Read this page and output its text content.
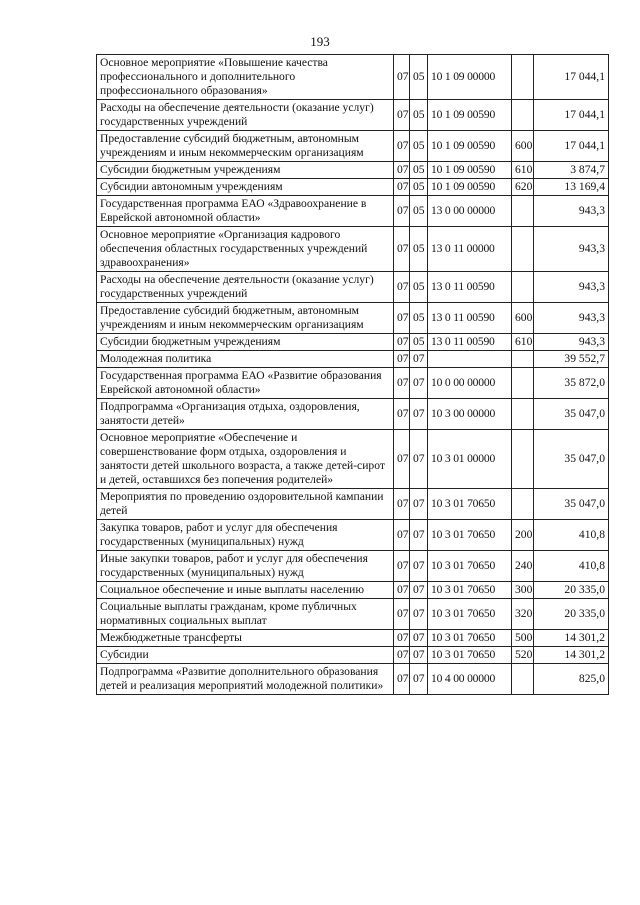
193
Основное мероприятие «Повышение качества профессионального и дополнительного профессионального образования»	07	05	10 1 09 00000		17 044,1
Расходы на обеспечение деятельности (оказание услуг) государственных учреждений	07	05	10 1 09 00590		17 044,1
Предоставление субсидий бюджетным, автономным учреждениям и иным некоммерческим организациям	07	05	10 1 09 00590	600	17 044,1
Субсидии бюджетным учреждениям	07	05	10 1 09 00590	610	3 874,7
Субсидии автономным учреждениям	07	05	10 1 09 00590	620	13 169,4
Государственная программа ЕАО «Здравоохранение в Еврейской автономной области»	07	05	13 0 00 00000		943,3
Основное мероприятие «Организация кадрового обеспечения областных государственных учреждений здравоохранения»	07	05	13 0 11 00000		943,3
Расходы на обеспечение деятельности (оказание услуг) государственных учреждений	07	05	13 0 11 00590		943,3
Предоставление субсидий бюджетным, автономным учреждениям и иным некоммерческим организациям	07	05	13 0 11 00590	600	943,3
Субсидии бюджетным учреждениям	07	05	13 0 11 00590	610	943,3
Молодежная политика	07	07			39 552,7
Государственная программа ЕАО «Развитие образования Еврейской автономной области»	07	07	10 0 00 00000		35 872,0
Подпрограмма «Организация отдыха, оздоровления, занятости детей»	07	07	10 3 00 00000		35 047,0
Основное мероприятие «Обеспечение и совершенствование форм отдыха, оздоровления и занятости детей школьного возраста, а также детей-сирот и детей, оставшихся без попечения родителей»	07	07	10 3 01 00000		35 047,0
Мероприятия по проведению оздоровительной кампании детей	07	07	10 3 01 70650		35 047,0
Закупка товаров, работ и услуг для обеспечения государственных (муниципальных) нужд	07	07	10 3 01 70650	200	410,8
Иные закупки товаров, работ и услуг для обеспечения государственных (муниципальных) нужд	07	07	10 3 01 70650	240	410,8
Социальное обеспечение и иные выплаты населению	07	07	10 3 01 70650	300	20 335,0
Социальные выплаты гражданам, кроме публичных нормативных социальных выплат	07	07	10 3 01 70650	320	20 335,0
Межбюджетные трансферты	07	07	10 3 01 70650	500	14 301,2
Субсидии	07	07	10 3 01 70650	520	14 301,2
Подпрограмма «Развитие дополнительного образования детей и реализация мероприятий молодежной политики»	07	07	10 4 00 00000		825,0
